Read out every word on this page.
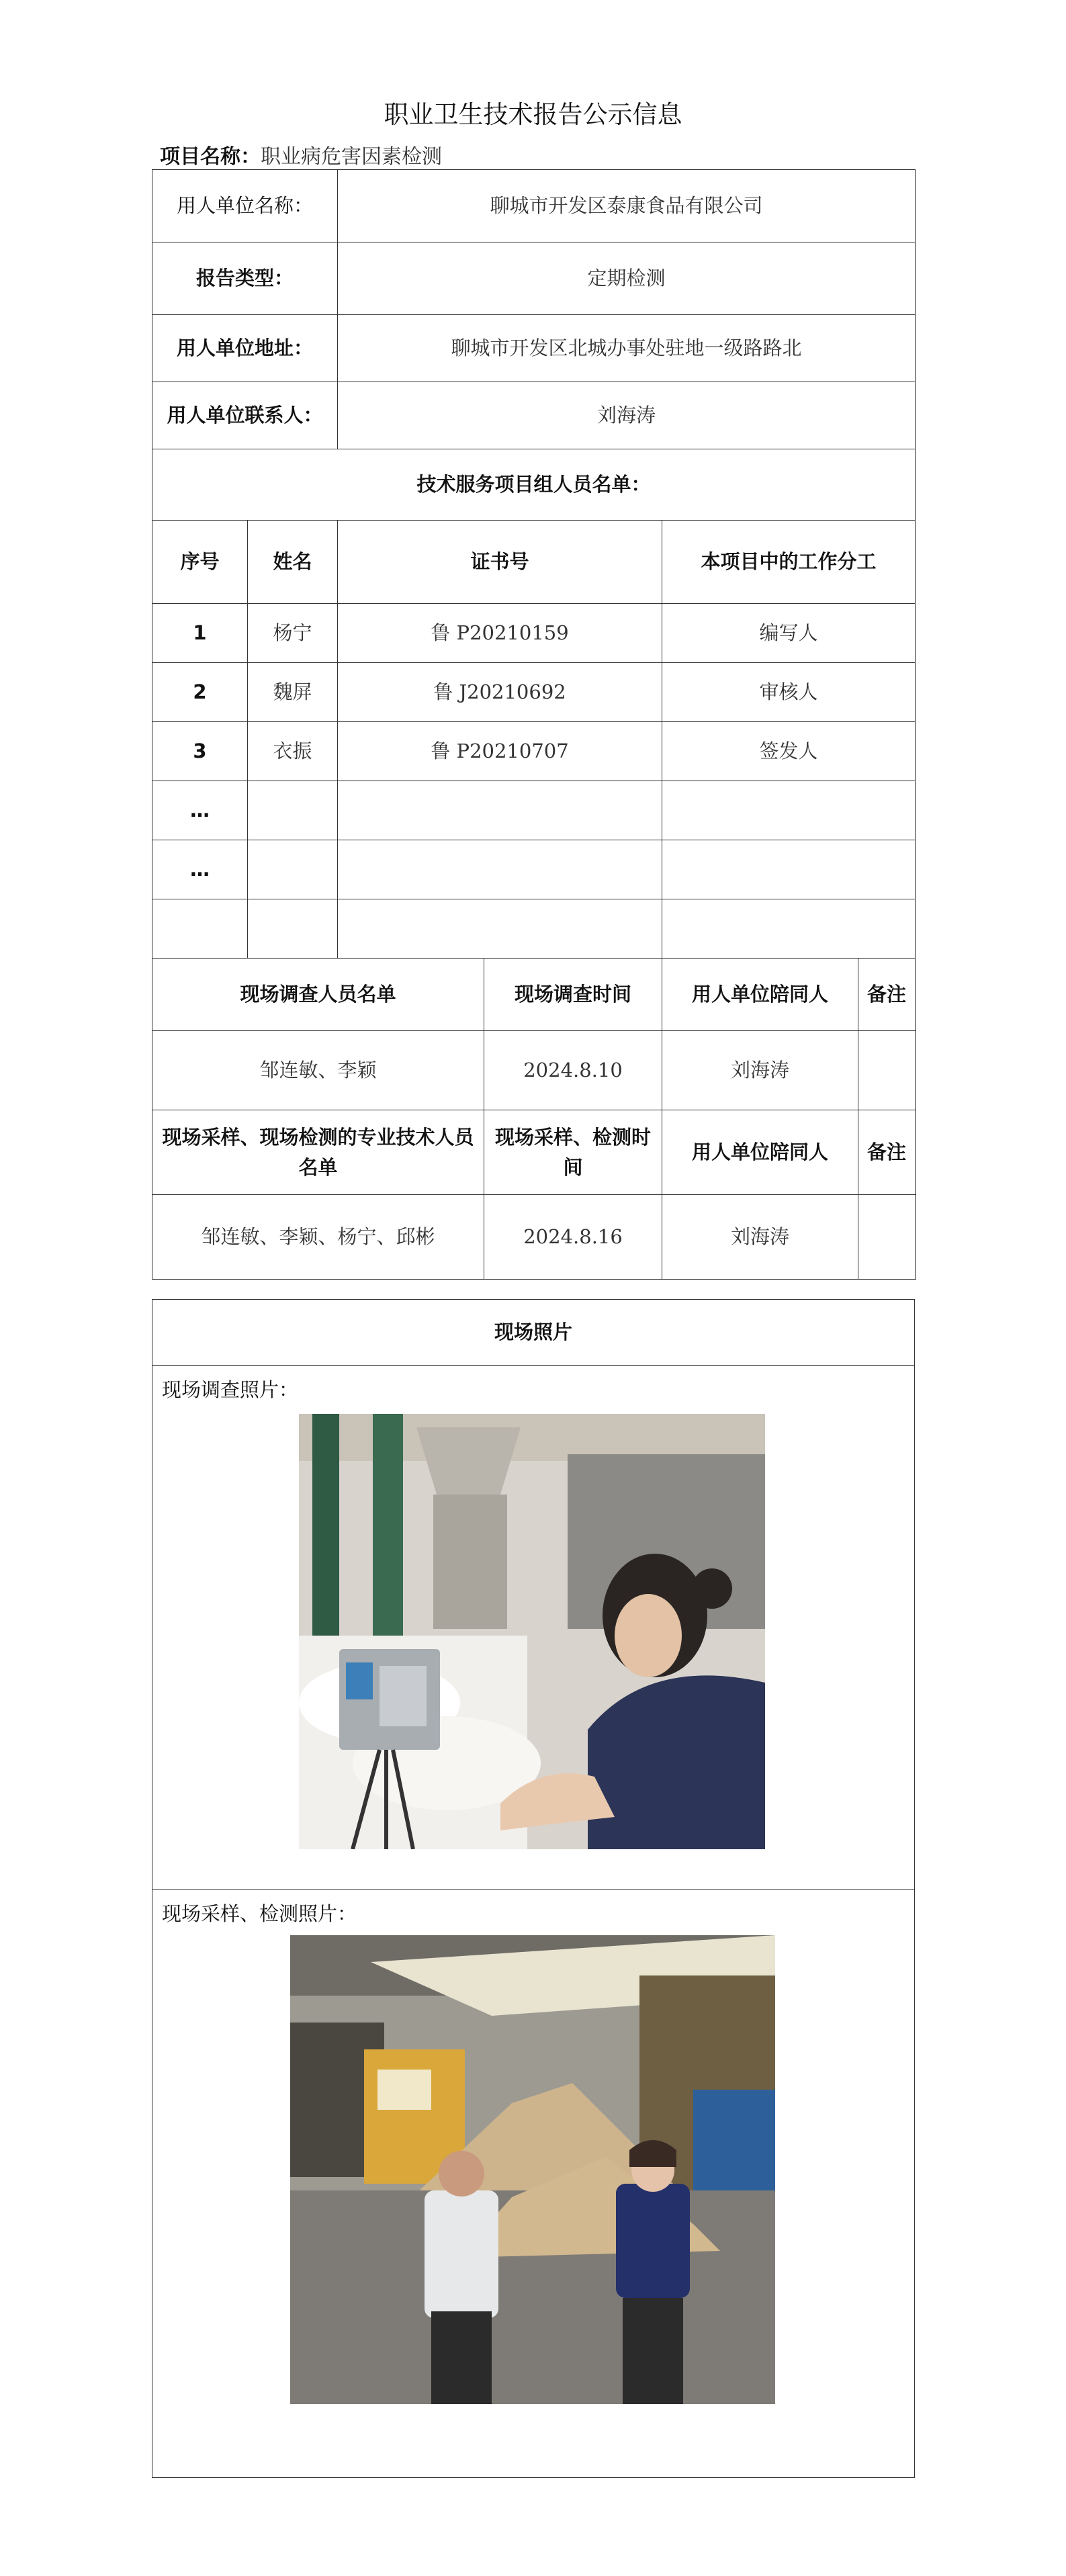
职业卫生技术报告公示信息
项目名称：职业病危害因素检测
用人单位名称：		聊城市开发区泰康食品有限公司			
报告类型：		定期检测			
用人单位地址：		聊城市开发区北城办事处驻地一级路路北			
用人单位联系人：		刘海涛			
技术服务项目组人员名单：					
序号	姓名	证书号		本项目中的工作分工	
1	杨宁	鲁 P20210159		编写人	
2	魏屏	鲁 J20210692		审核人	
3	衣振	鲁 P20210707		签发人	
…					
…					

现场调查人员名单			现场调查时间	用人单位陪同人	备注
邹连敏、李颖			2024.8.10	刘海涛	
现场采样、现场检测的专业技术人员名单			现场采样、检测时间	用人单位陪同人	备注
邹连敏、李颖、杨宁、邱彬			2024.8.16	刘海涛	
现场照片

现场调查照片：

现场采样、检测照片：
